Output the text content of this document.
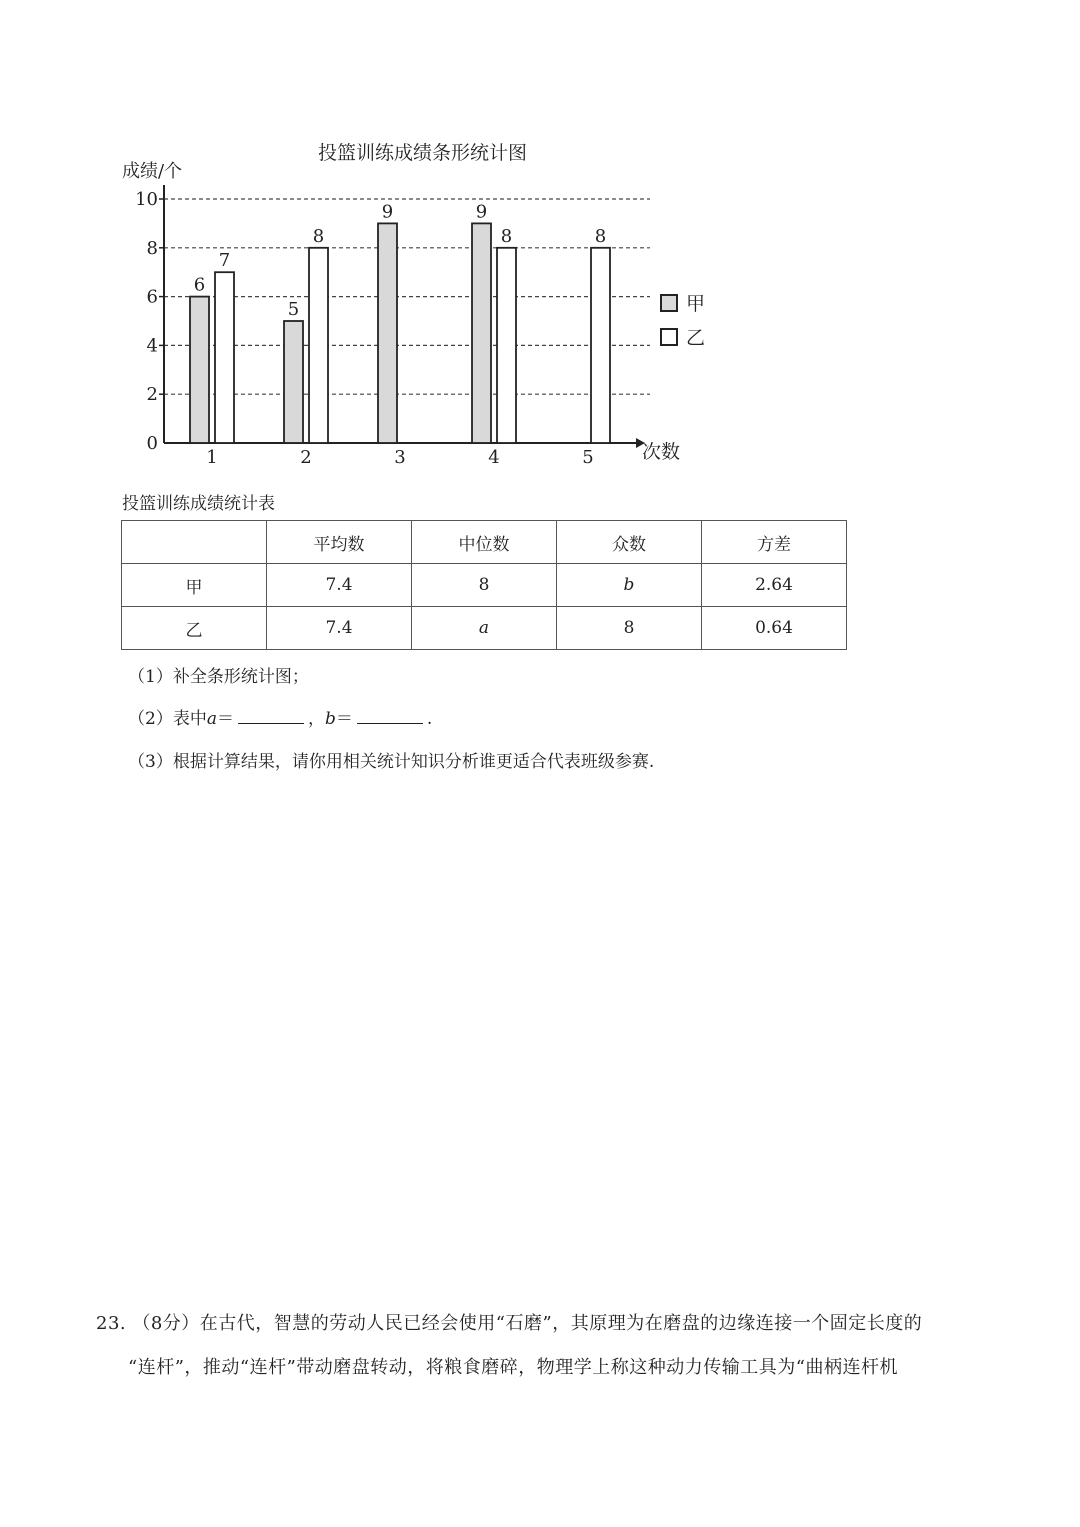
0
2
4
6
8
10
1	2	3	4	5
6
5
9	9
7
8	8	8
投篮训练成绩条形统计图
成绩/个
次数
甲
乙
投篮训练成绩统计表
	平均数	中位数	众数	方差
甲	7.4	8	b	2.64
乙	7.4	a	8	0.64
（1）补全条形统计图；
（2）表中a＝	，b＝	.
（3）根据计算结果，请你用相关统计知识分析谁更适合代表班级参赛.
23. （8分）在古代，智慧的劳动人民已经会使用“石磨”，其原理为在磨盘的边缘连接一个固定长度的
“连杆”，推动“连杆”带动磨盘转动，将粮食磨碎，物理学上称这种动力传输工具为“曲柄连杆机
